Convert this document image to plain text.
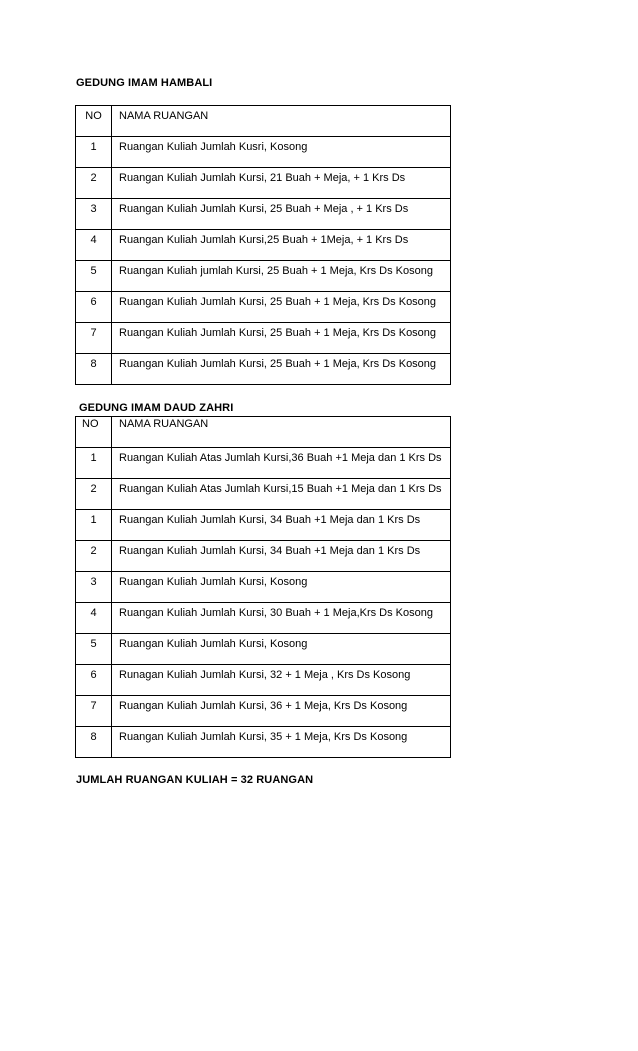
GEDUNG IMAM HAMBALI
NO	NAMA RUANGAN

1	Ruangan Kuliah Jumlah Kusri, Kosong

2	Ruangan Kuliah Jumlah Kursi, 21 Buah + Meja, + 1 Krs Ds

3	Ruangan Kuliah Jumlah Kursi, 25 Buah + Meja , + 1 Krs Ds

4	Ruangan Kuliah Jumlah Kursi,25 Buah + 1Meja, + 1 Krs Ds

5	Ruangan Kuliah jumlah Kursi, 25 Buah + 1 Meja, Krs Ds Kosong

6	Ruangan Kuliah Jumlah Kursi, 25 Buah + 1 Meja, Krs Ds Kosong

7	Ruangan Kuliah Jumlah Kursi, 25 Buah + 1 Meja, Krs Ds Kosong

8	Ruangan Kuliah Jumlah Kursi, 25 Buah + 1 Meja, Krs Ds Kosong
GEDUNG IMAM DAUD ZAHRI
NO	NAMA RUANGAN

1	Ruangan Kuliah Atas Jumlah Kursi,36 Buah +1 Meja dan 1 Krs Ds

2	Ruangan Kuliah Atas Jumlah Kursi,15 Buah +1 Meja dan 1 Krs Ds

1	Ruangan Kuliah Jumlah Kursi, 34 Buah +1 Meja dan 1 Krs Ds

2	Ruangan Kuliah Jumlah Kursi, 34 Buah +1 Meja dan 1 Krs Ds

3	Ruangan Kuliah Jumlah Kursi, Kosong

4	Ruangan Kuliah Jumlah Kursi, 30 Buah + 1 Meja,Krs Ds Kosong

5	Ruangan Kuliah Jumlah Kursi, Kosong

6	Runagan Kuliah Jumlah Kursi, 32 + 1 Meja , Krs Ds Kosong

7	Ruangan Kuliah Jumlah Kursi, 36 + 1 Meja, Krs Ds Kosong

8	Ruangan Kuliah Jumlah Kursi, 35 + 1 Meja, Krs Ds Kosong
JUMLAH RUANGAN KULIAH = 32 RUANGAN
